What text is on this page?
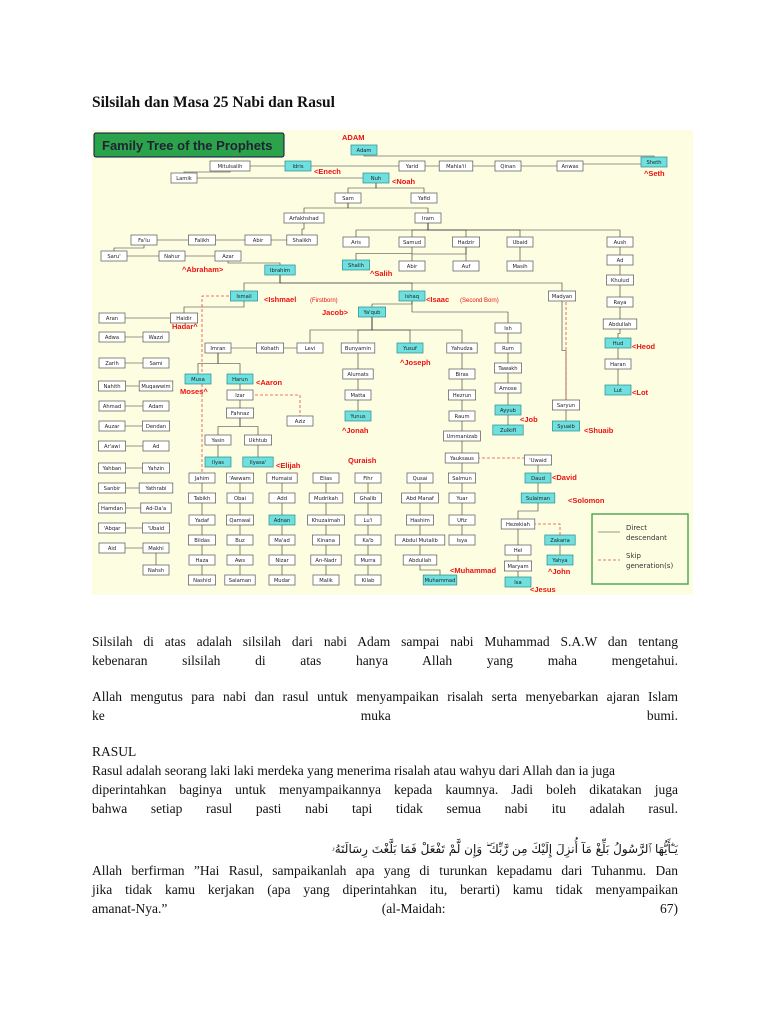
Silsilah dan Masa 25 Nabi dan Rasul
Family Tree of the Prophets	Adam
Mitulsalih	Idris	Yarid	Mahla'il	Qinan	Anwas
Sheth
Lamik	Nuh
Sam	Yafid
Arfakhshad	Iram
Fa'lu	Falikh	Abir	Shalikh
Saru'	Nahur	Azar
Ibrahim
Aris	Samud	Hadzir	Ubaid	Aush
Shalih	Abir	Auf	Masih
Ad
Khulud
Ismail	Ishaq	Madyan
Raya
Aran	Haidir
Ya'qub
Abdullah
Ish
Adwa	Wazzi
Imran	Kohath	Levi	Bunyamin	Yusuf	Yahudza	Rum
Hud
Zarih	Sami
Musa	Harun
Alumats	Biras
Tawakh
Haran
Nahith	Muqawwim
Izar	Matta	Hezrun
Amose	Lut
Ahmad	Adam
Fahnaz
Aziz
Yunus
Ayyub
Saryun
Auzar	Dendan
Raum
Zulkifl
Syuaib
Ar'awi	Ad
Yasin	Ukhtub
Ummanizab
Yahban	Yahzin
Ilyas	Ilyasa'
Yauksaus	'Uwaid
Daud
Sanbir	Yathrabi
Jahim	'Awwam	Humaisi	Elias	Fihr	Qusai	Salmun
Sulaiman
Hamdan	Ad-Da'a
Tabikh	Obai	Add	Mudrikah	Ghalib	Abd Manaf	Yuar
'Abqar	'Ubaid
Yadaf	Qamwal	Adnan	Khuzaimah	Lu'i	Hashim	Ufiz
Hezekiah
Aid	Makhi
Bildas	Buz	Ma'ad	Kinana	Ka'b	Abdul Mutalib	Isya	Zakaria
Nahsh
Haza	Aws	Nizar	An-Nadr	Murra	Abdullah
Hel
Yahya
Nashid	Salaman	Mudar	Malik	Kilab	Muhammad
Maryam
Isa
ADAM
<Enech
<Noah
^Seth
^Abraham>	^Salih
<Ishmael	<Isaac
Jacob>
Hadar^
<Heod
<Aaron
Moses^
^Joseph
<Lot
^Jonah
<Job
<Shuaib
<Elijah
Quraish
<David
<Solomon
<Muhammad	^John
<Jesus
(Firstborn)	(Second Born)
Direct
descendant
Skip
generation(s)

Silsilah di atas adalah silsilah dari nabi Adam sampai nabi Muhammad S.A.W dan tentang

kebenaran silsilah di atas hanya Allah yang maha mengetahui.

Allah mengutus para nabi dan rasul untuk menyampaikan risalah serta menyebarkan ajaran Islam

ke muka bumi.

RASUL

Rasul adalah seorang laki laki merdeka yang menerima risalah atau wahyu dari Allah dan ia juga

diperintahkan baginya untuk menyampaikannya kepada kaumnya. Jadi boleh dikatakan juga

bahwa setiap rasul pasti nabi tapi tidak semua nabi itu adalah rasul.

يَـٰٓأَيُّهَا ٱلرَّسُولُ بَلِّغْ مَآ أُنزِلَ إِلَيْكَ مِن رَّبِّكَ ۖ وَإِن لَّمْ تَفْعَلْ فَمَا بَلَّغْتَ رِسَالَتَهُۥ

Allah berfirman ”Hai Rasul, sampaikanlah apa yang di turunkan kepadamu dari Tuhanmu. Dan

jika tidak kamu kerjakan (apa yang diperintahkan itu, berarti) kamu tidak menyampaikan

amanat-Nya.” (al-Maidah: 67)
